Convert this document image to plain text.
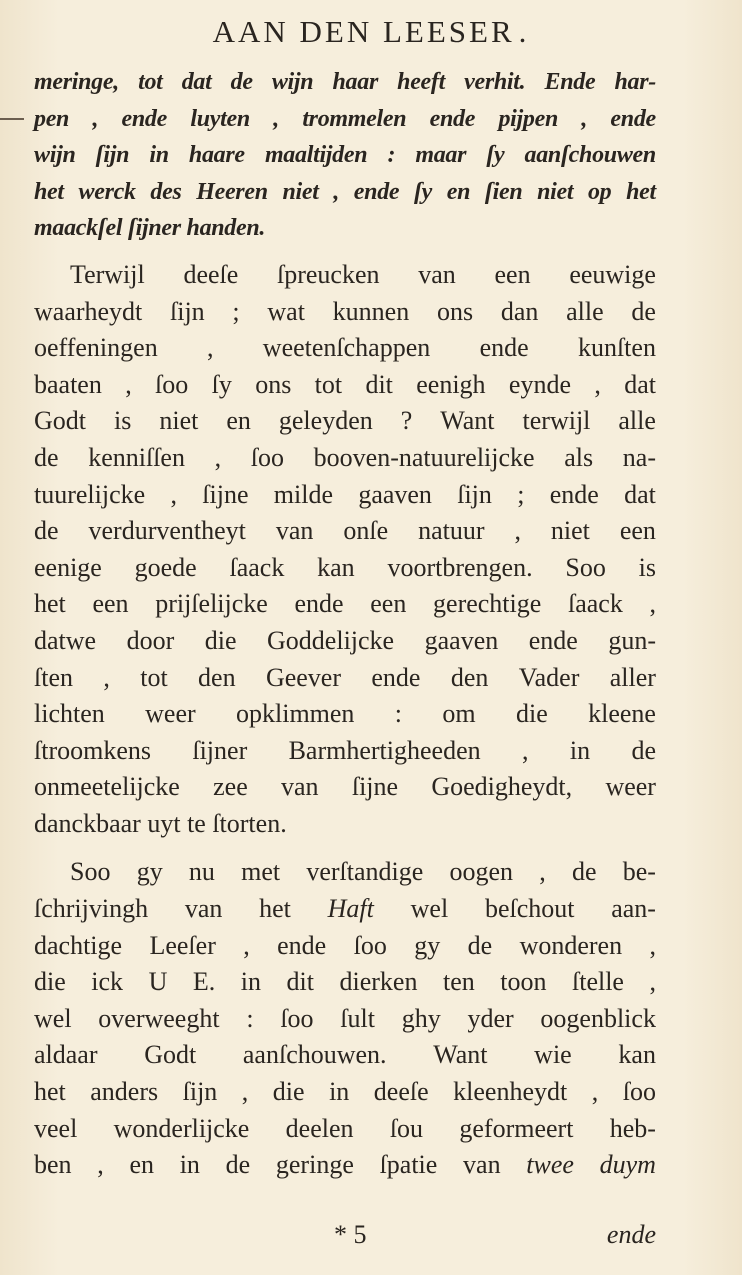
AAN DEN LEESER .
meringe, tot dat de wijn haar heeft verhit. Ende har-
pen , ende luyten , trommelen ende pijpen , ende
wijn ſijn in haare maaltijden : maar ſy aanſchouwen
het werck des Heeren niet , ende ſy en ſien niet op het
maackſel
ſijner
handen.
Terwijl deeſe ſpreucken van een eeuwige
waarheydt ſijn ; wat kunnen ons dan alle de
oeffeningen , weetenſchappen ende kunſten
baaten , ſoo ſy ons tot dit eenigh eynde , dat
Godt is niet en geleyden ? Want terwijl alle
de kenniſſen , ſoo booven-natuurelijcke als na-
tuurelijcke , ſijne milde gaaven ſijn ; ende dat
de verdurventheyt van onſe natuur , niet een
eenige goede ſaack kan voortbrengen. Soo is
het een prijſelijcke ende een gerechtige ſaack ,
datwe door die Goddelijcke gaaven ende gun-
ſten , tot den Geever ende den Vader aller
lichten weer opklimmen : om die kleene
ſtroomkens ſijner Barmhertigheeden , in de
onmeetelijcke zee van ſijne Goedigheydt, weer
danckbaar
uyt
te
ſtorten.
Soo gy nu met verſtandige oogen , de be-
ſchrijvingh van het Haft wel beſchout aan-
dachtige Leeſer , ende ſoo gy de wonderen ,
die ick U E. in dit dierken ten toon ſtelle ,
wel overweeght : ſoo ſult ghy yder oogenblick
aldaar Godt aanſchouwen. Want wie kan
het anders ſijn , die in deeſe kleenheydt , ſoo
veel wonderlijcke deelen ſou geformeert heb-
ben , en in de geringe ſpatie van twee duym
* 5	ende
